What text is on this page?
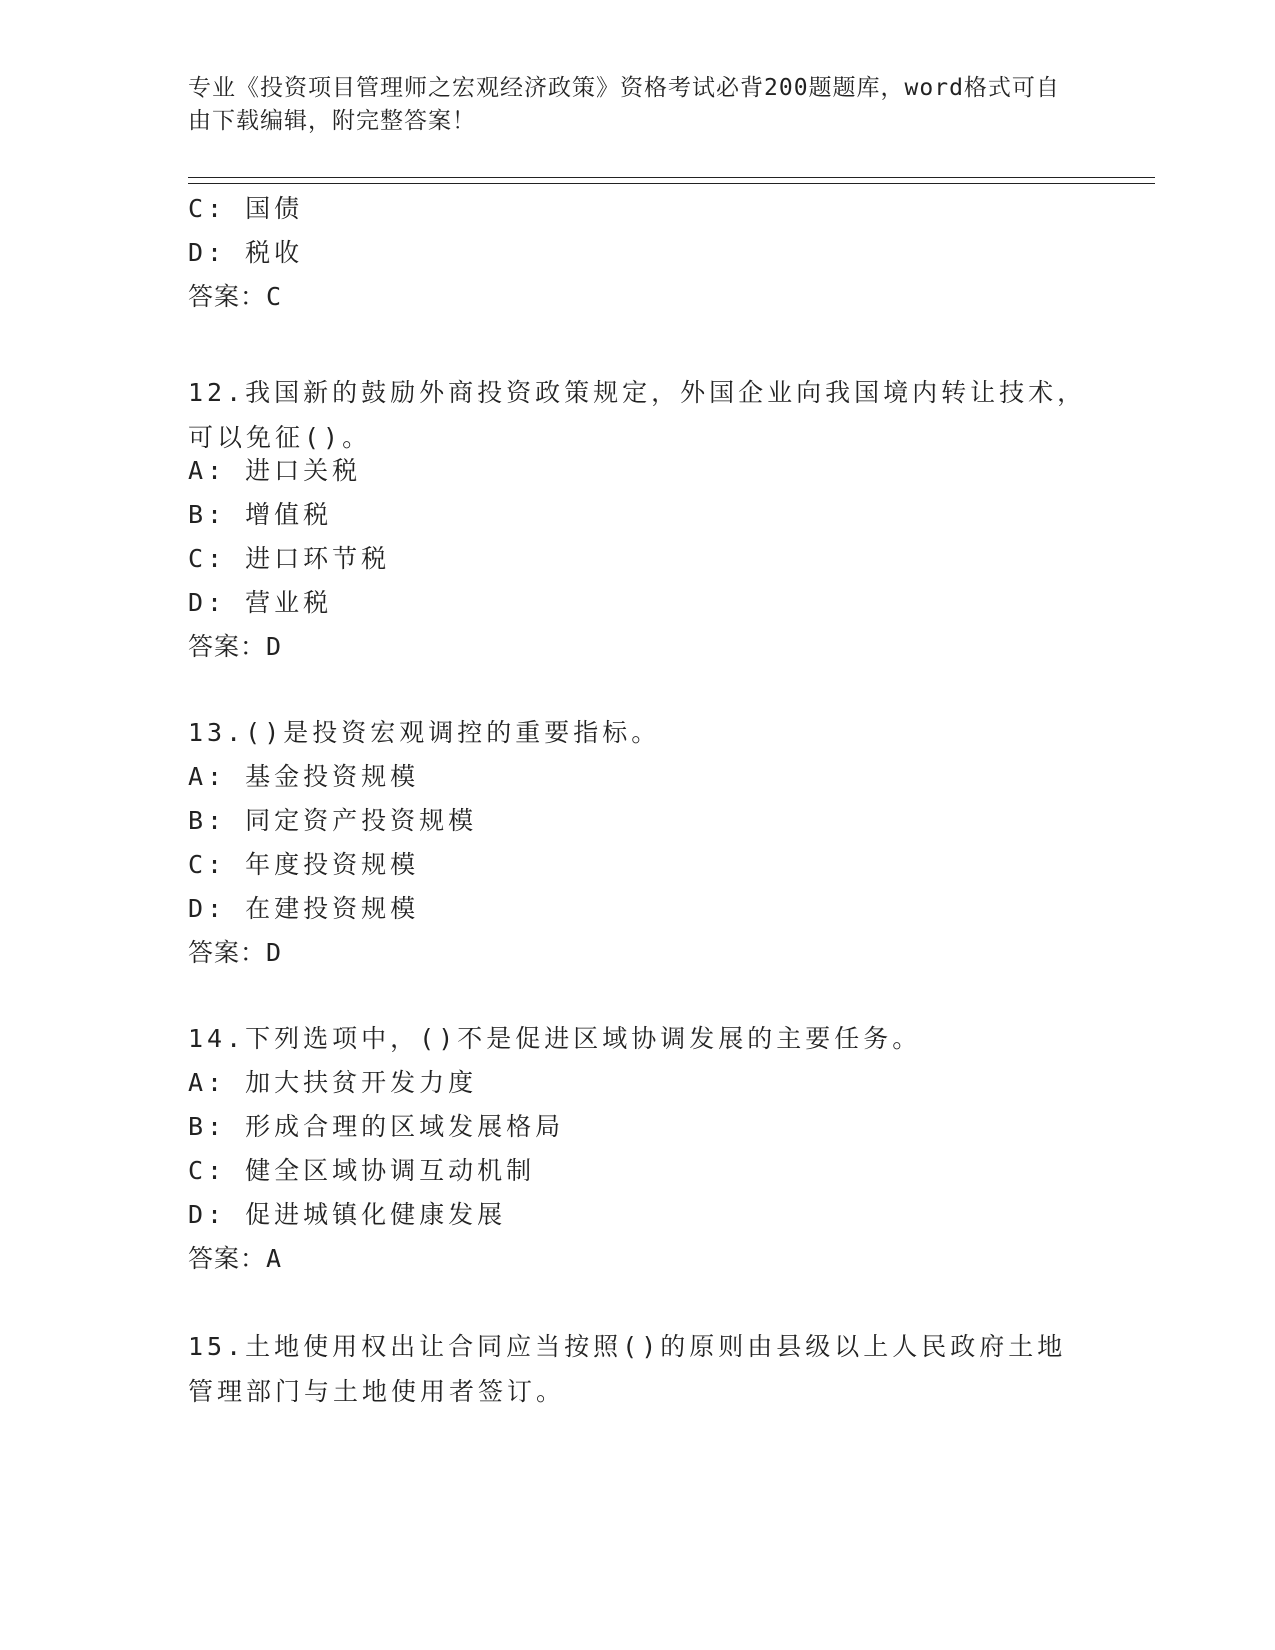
专业《投资项目管理师之宏观经济政策》资格考试必背200题题库，word格式可自由下载编辑，附完整答案！
C: 国债
D: 税收
答案：C
12.我国新的鼓励外商投资政策规定，外国企业向我国境内转让技术，可以免征()。
A: 进口关税
B: 增值税
C: 进口环节税
D: 营业税
答案：D
13.()是投资宏观调控的重要指标。
A: 基金投资规模
B: 同定资产投资规模
C: 年度投资规模
D: 在建投资规模
答案：D
14.下列选项中，()不是促进区域协调发展的主要任务。
A: 加大扶贫开发力度
B: 形成合理的区域发展格局
C: 健全区域协调互动机制
D: 促进城镇化健康发展
答案：A
15.土地使用权出让合同应当按照()的原则由县级以上人民政府土地管理部门与土地使用者签订。
